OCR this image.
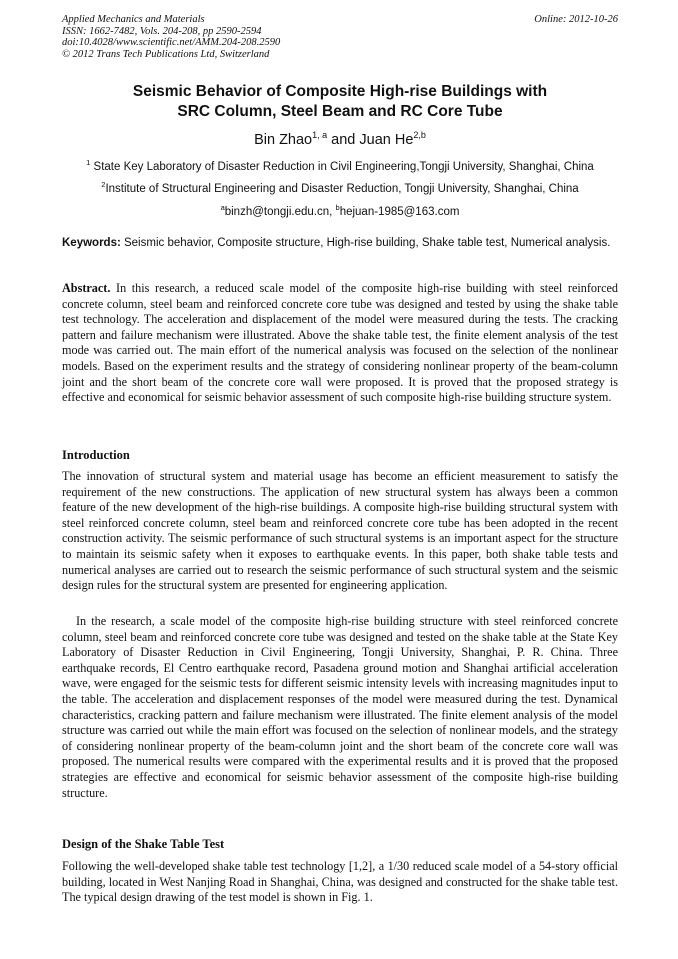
Applied Mechanics and Materials
ISSN: 1662-7482, Vols. 204-208, pp 2590-2594
doi:10.4028/www.scientific.net/AMM.204-208.2590
© 2012 Trans Tech Publications Ltd, Switzerland
Online: 2012-10-26
Seismic Behavior of Composite High-rise Buildings with
SRC Column, Steel Beam and RC Core Tube
Bin Zhao$^{1, a}$ and Juan He$^{2,b}$
$^1$ State Key Laboratory of Disaster Reduction in Civil Engineering,Tongji University, Shanghai, China
$^2$Institute of Structural Engineering and Disaster Reduction, Tongji University, Shanghai, China
$^a$binzh@tongji.edu.cn, $^b$hejuan-1985@163.com
Keywords: Seismic behavior, Composite structure, High-rise building, Shake table test, Numerical analysis.
Abstract. In this research, a reduced scale model of the composite high-rise building with steel reinforced concrete column, steel beam and reinforced concrete core tube was designed and tested by using the shake table test technology. The acceleration and displacement of the model were measured during the tests. The cracking pattern and failure mechanism were illustrated. Above the shake table test, the finite element analysis of the test mode was carried out. The main effort of the numerical analysis was focused on the selection of the nonlinear models. Based on the experiment results and the strategy of considering nonlinear property of the beam-column joint and the short beam of the concrete core wall were proposed. It is proved that the proposed strategy is effective and economical for seismic behavior assessment of such composite high-rise building structure system.
Introduction
The innovation of structural system and material usage has become an efficient measurement to satisfy the requirement of the new constructions. The application of new structural system has always been a common feature of the new development of the high-rise buildings. A composite high-rise building structural system with steel reinforced concrete column, steel beam and reinforced concrete core tube has been adopted in the recent construction activity. The seismic performance of such structural systems is an important aspect for the structure to maintain its seismic safety when it exposes to earthquake events. In this paper, both shake table tests and numerical analyses are carried out to research the seismic performance of such structural system and the seismic design rules for the structural system are presented for engineering application.
In the research, a scale model of the composite high-rise building structure with steel reinforced concrete column, steel beam and reinforced concrete core tube was designed and tested on the shake table at the State Key Laboratory of Disaster Reduction in Civil Engineering, Tongji University, Shanghai, P. R. China. Three earthquake records, El Centro earthquake record, Pasadena ground motion and Shanghai artificial acceleration wave, were engaged for the seismic tests for different seismic intensity levels with increasing magnitudes input to the table. The acceleration and displacement responses of the model were measured during the test. Dynamical characteristics, cracking pattern and failure mechanism were illustrated. The finite element analysis of the model structure was carried out while the main effort was focused on the selection of nonlinear models, and the strategy of considering nonlinear property of the beam-column joint and the short beam of the concrete core wall was proposed. The numerical results were compared with the experimental results and it is proved that the proposed strategies are effective and economical for seismic behavior assessment of the composite high-rise building structure.
Design of the Shake Table Test
Following the well-developed shake table test technology [1,2], a 1/30 reduced scale model of a 54-story official building, located in West Nanjing Road in Shanghai, China, was designed and constructed for the shake table test. The typical design drawing of the test model is shown in Fig. 1.
